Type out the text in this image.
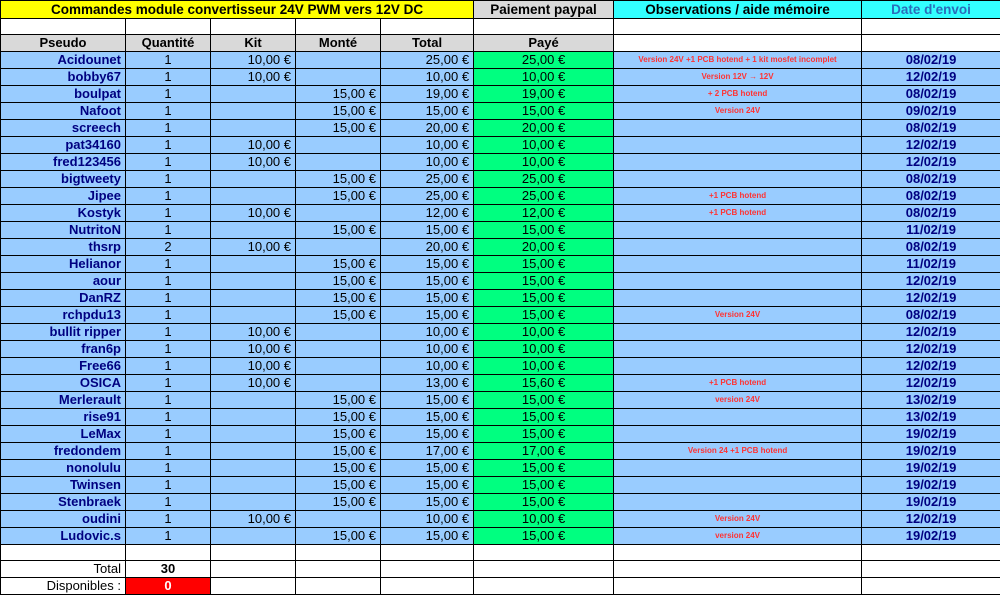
Commandes module convertisseur 24V PWM vers 12V DC					Paiement paypal	Observations / aide mémoire	Date d'envoi

Pseudo	Quantité	Kit	Monté	Total	Payé		
Acidounet	1	10,00 €		25,00 €	25,00 €	Version 24V +1 PCB hotend + 1 kit mosfet incomplet	08/02/19
bobby67	1	10,00 €		10,00 €	10,00 €	Version 12V → 12V	12/02/19
boulpat	1		15,00 €	19,00 €	19,00 €	+ 2 PCB hotend	08/02/19
Nafoot	1		15,00 €	15,00 €	15,00 €	Version 24V	09/02/19
screech	1		15,00 €	20,00 €	20,00 €		08/02/19
pat34160	1	10,00 €		10,00 €	10,00 €		12/02/19
fred123456	1	10,00 €		10,00 €	10,00 €		12/02/19
bigtweety	1		15,00 €	25,00 €	25,00 €		08/02/19
Jipee	1		15,00 €	25,00 €	25,00 €	+1 PCB hotend	08/02/19
Kostyk	1	10,00 €		12,00 €	12,00 €	+1 PCB hotend	08/02/19
NutritoN	1		15,00 €	15,00 €	15,00 €		11/02/19
thsrp	2	10,00 €		20,00 €	20,00 €		08/02/19
Helianor	1		15,00 €	15,00 €	15,00 €		11/02/19
aour	1		15,00 €	15,00 €	15,00 €		12/02/19
DanRZ	1		15,00 €	15,00 €	15,00 €		12/02/19
rchpdu13	1		15,00 €	15,00 €	15,00 €	Version 24V	08/02/19
bullit ripper	1	10,00 €		10,00 €	10,00 €		12/02/19
fran6p	1	10,00 €		10,00 €	10,00 €		12/02/19
Free66	1	10,00 €		10,00 €	10,00 €		12/02/19
OSICA	1	10,00 €		13,00 €	15,60 €	+1 PCB hotend	12/02/19
Merlerault	1		15,00 €	15,00 €	15,00 €	version 24V	13/02/19
rise91	1		15,00 €	15,00 €	15,00 €		13/02/19
LeMax	1		15,00 €	15,00 €	15,00 €		19/02/19
fredondem	1		15,00 €	17,00 €	17,00 €	Version 24 +1 PCB hotend	19/02/19
nonolulu	1		15,00 €	15,00 €	15,00 €		19/02/19
Twinsen	1		15,00 €	15,00 €	15,00 €		19/02/19
Stenbraek	1		15,00 €	15,00 €	15,00 €		19/02/19
oudini	1	10,00 €		10,00 €	10,00 €	Version 24V	12/02/19
Ludovic.s	1		15,00 €	15,00 €	15,00 €	version 24V	19/02/19

Total	30						
Disponibles :	0						
